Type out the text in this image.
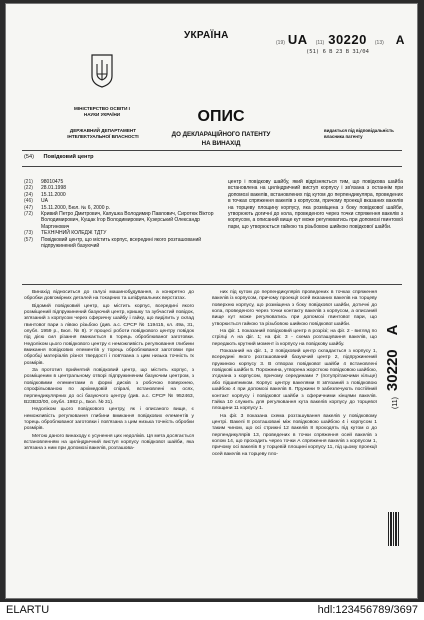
УКРАЇНА
(19) UA (11) 30220 (13) A
(51) 6 B 23 B 31/04
МІНІСТЕРСТВО ОСВІТИ І НАУКИ УКРАЇНИ
ДЕРЖАВНИЙ ДЕПАРТАМЕНТ ІНТЕЛЕКТУАЛЬНОЇ ВЛАСНОСТІ
ОПИС
ДО ДЕКЛАРАЦІЙНОГО ПАТЕНТУ
НА ВИНАХІД
видається під відповідальність власника патенту
(54) Повідковий центр
(21)	98010475
(22)	28.01.1998
(24)	15.11.2000
(46)	UA
(47)	15.11.2000, Бюл. № 6, 2000 р.
(72)	Кривий Петро Дмитрович, Капушка Володимир Павлович, Сиротюк Віктор Володимирович, Кущак Ігор Володимирович, Кузерський Олександр Мартинович
(73)	ТЕХНІЧНИЙ КОЛЕДЖ ТДТУ
(57)	Повідковий центр, що містить корпус, всередині якого розташований підпружинений базуючий
центр і повідкову шайбу, який відрізняється тим, що повідкова шайба встановлена на циліндричний виступ корпусу і зв'язана з останнім при допомозі вакелів, встановлених під кутом до перпендикуляра, проведених в точках спряження вакелів з корпусом, причому проекції вказаних вакелів на торцеву площину корпусу, яка розміщена з боку повідкової шайби, утворюють догичні до кола, проведеного через точки спряження вакелів з корпусом, а описаний вище кут може регулюватись при допомозі гвинтової пари, що утворюється гайкою та різьбовою шийкою повідкової шайби.

Винахід відноситься до галузі машинобудування, а конкретно до обробки довгомірних деталей на токарних та шліфувальних верстатах.

Відомий повідковий центр, що містить корпус, всередині якого розміщений підпружинений базуючий центр, кришку та зубчастий повідок, зв'язаний з корпусом через сферичну шайбу і гайку, що виділить у склад гвинтової пари з лівою різьбою (див. а.с. СРСР № 119415, кл. 49а, 31, опубл. 1959 р., Бюл. № 8). У процесі роботи повідкового центру повідок під дією сил різання вмикається в торець оброблюваної заготовки. Недоліком цього повідкового центру є неможливість регулювання глибини вмикання повідкових елементів у торець оброблюваної заготовки при обробці матеріалів різної твердості і пов'язана з цим низька точність їх розмірів.

За прототип прийнятий повідковий центр, що містить корпус, з розміщеним в центральному отворі підпружиненим базуючим центром, з повідковими елементами в формі дисків з робочою поверхнею, спрофільованою по архімедовій спіралі, встановлені на осях, перпендикулярних до осі базуючого центру (див. а.с. СРСР № 952463, В23В33/00, опубл. 1982 р., Бюл. № 31).

Недоліком цього повідкового центру, як і описаного вище, є неможливість регулювання глибини вмикання повідкових елементів у торець оброблюваної заготовки і пов'язана з цим низька точність обробки розмірів.

Метою даного винаходу є усунення цих недоліків. Ця мета досягається встановленням на циліндричний виступ корпусу повідкової шайби, яка зв'язана з ним при допомозі вакелів, розташова-

них під кутом до перпендикулярів проведених в точках спряження вакелів із корпусом, причому проекції осей вказаних вакелів на торцеву поверхню корпусу, що розміщена з боку повідкової шайби, дотичні до кола, проведеного через точки контакту вакелів з корпусом, а описаний вище кут може регулюватись при допомозі гвинтової пари, що утворюється гайкою та різьбовою шийкою повідкової шайби.

На фіг. 1 показаний повідковий центр в розрізі; на фіг. 2 - вигляд по стрілці А на фіг. 1; на фіг. 3 - схема розташування вакелів, що передають крутний момент із корпусу на повідкову шайбу.

Показаний на фіг. 1, 2 повідковий центр складається з корпусу 1, всередині якого розташований базуючий центр 2, підпружинений пружиною корпусу 3. В отворах повідкової шайби 4 встановлені повідкові шайби 5. Порожнина, утворена жорсткою повідковою шайбою, з'єднана з корпусом, причому серединами 7 (потупрітаючими кільце) або підшипником. Корпус центру вакелями 8 зв'язаний з повідковою шайбою 4 при допомозі вакелів 8. Пружини 9 забезпечують постійний контакт корпусу і повідкової шайби з сферичними кінцями вакелів. Гайка 10 служить для регулювання кута вакелів корпусу до торцевої площини 11 корпусу 1.

На фіг. 3 показана схема розташування вакелів у повідковому центрі. Вакелі 8 розташовані між повідковою шайбою 4 і корпусом 1 таким чином, що осі стрижні 12 вакелів 8 проходять під кутом α до перпендикулярів 13, проведених в точки спряження осей вакелів з колом 14, що проходить через точки А спряження вакелів з корпусом 1, причому осі вакелів 8 у торцевій площині корпусу 11, під цьому проекції осей вакелів на торцеву пло-

(11)
30220
A
ELARTU	hdl:123456789/3697
